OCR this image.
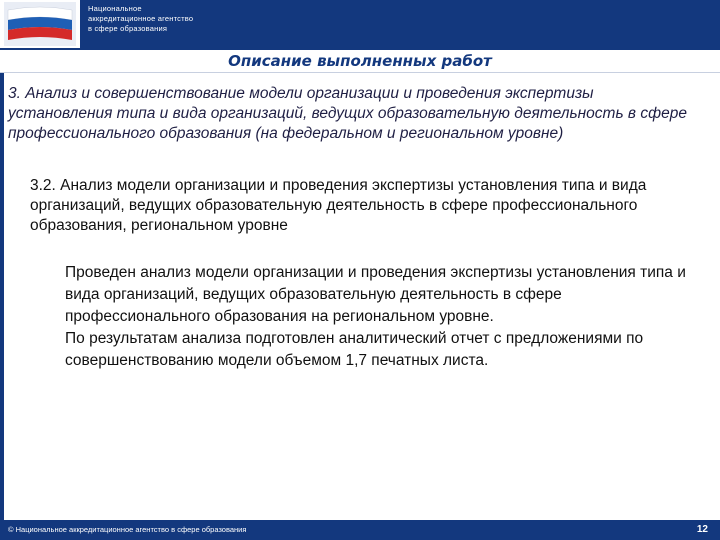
Национальное
аккредитационное агентство
в сфере образования
Описание выполненных работ
3. Анализ и совершенствование модели организации и проведения экспертизы установления типа и вида организаций, ведущих образовательную деятельность в сфере профессионального образования (на федеральном и региональном уровне)
3.2. Анализ модели организации и проведения экспертизы установления типа и вида организаций, ведущих образовательную деятельность в сфере профессионального образования, региональном уровне

Проведен анализ модели организации и проведения экспертизы установления типа и вида организаций, ведущих образовательную деятельность в сфере профессионального образования на региональном уровне.

По результатам анализа подготовлен аналитический отчет с предложениями по совершенствованию модели объемом 1,7 печатных листа.

© Национальное аккредитационное агентство в сфере образования	12
